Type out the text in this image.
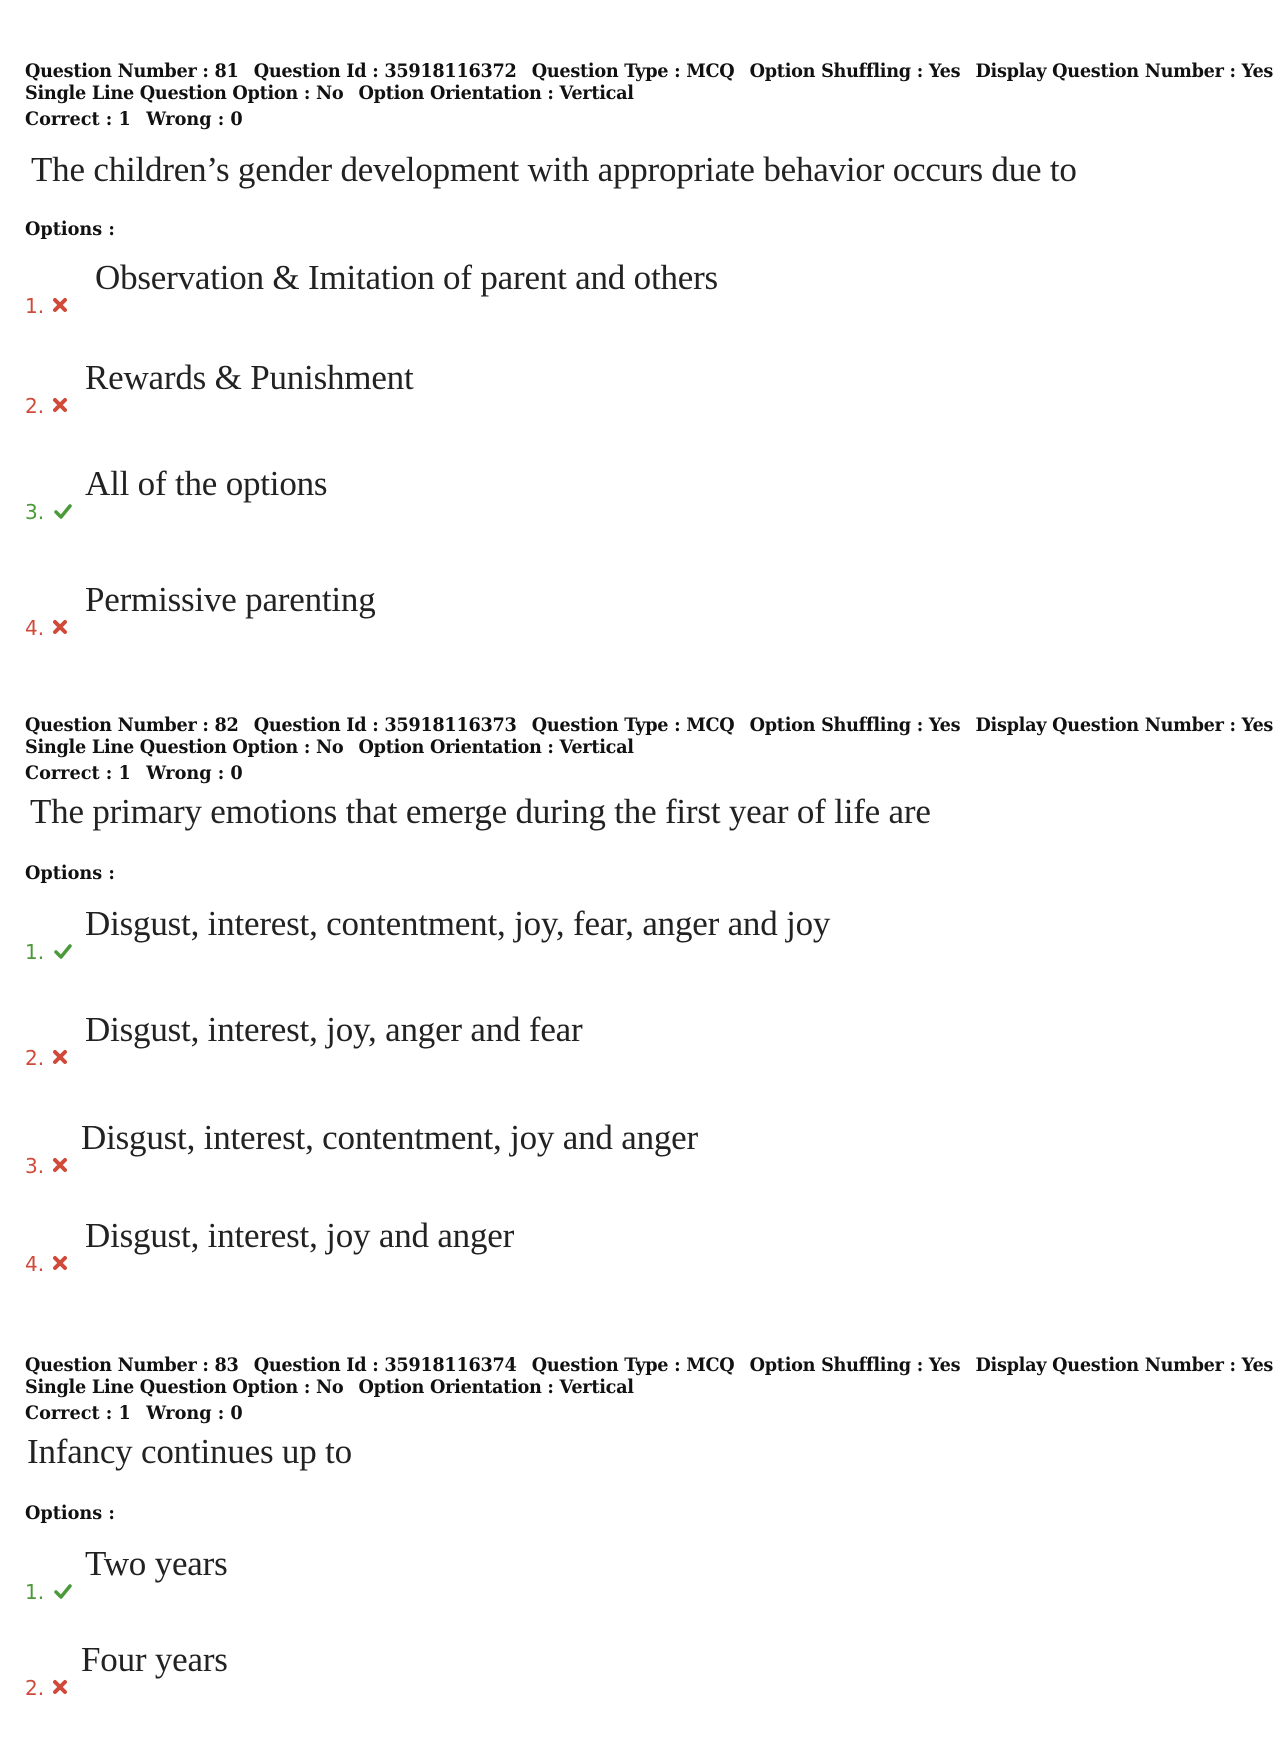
Question Number : 81 Question Id : 35918116372 Question Type : MCQ Option Shuffling : Yes Display Question Number : Yes
Single Line Question Option : No Option Orientation : Vertical
Correct : 1 Wrong : 0
The children’s gender development with appropriate behavior occurs due to
Options :
1.
Observation & Imitation of parent and others
2.
Rewards & Punishment
3.
All of the options
4.
Permissive parenting
Question Number : 82 Question Id : 35918116373 Question Type : MCQ Option Shuffling : Yes Display Question Number : Yes
Single Line Question Option : No Option Orientation : Vertical
Correct : 1 Wrong : 0
The primary emotions that emerge during the first year of life are
Options :
1.
Disgust, interest, contentment, joy, fear, anger and joy
2.
Disgust, interest, joy, anger and fear
3.
Disgust, interest, contentment, joy and anger
4.
Disgust, interest, joy and anger
Question Number : 83 Question Id : 35918116374 Question Type : MCQ Option Shuffling : Yes Display Question Number : Yes
Single Line Question Option : No Option Orientation : Vertical
Correct : 1 Wrong : 0
Infancy continues up to
Options :
1.
Two years
2.
Four years
